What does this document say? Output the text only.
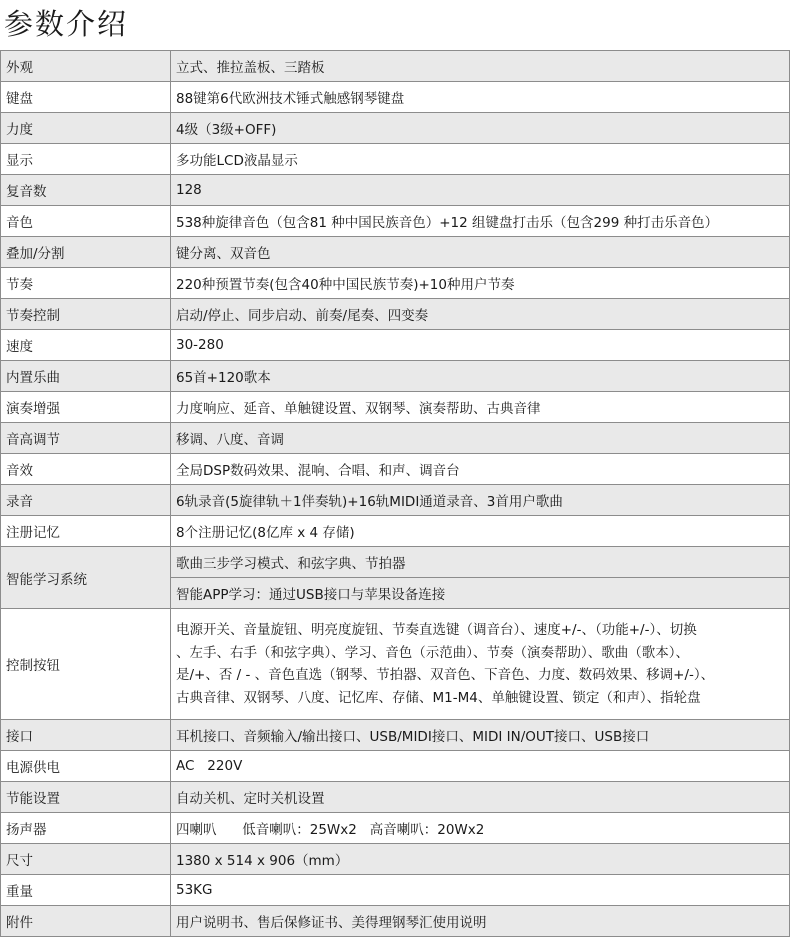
参数介绍
外观	立式、推拉盖板、三踏板
键盘	88键第6代欧洲技术锤式触感钢琴键盘
力度	4级（3级+OFF)
显示	多功能LCD液晶显示
复音数	128
音色	538种旋律音色（包含81 种中国民族音色）+12 组键盘打击乐（包含299 种打击乐音色）
叠加/分割	键分离、双音色
节奏	220种预置节奏(包含40种中国民族节奏)+10种用户节奏
节奏控制	启动/停止、同步启动、前奏/尾奏、四变奏
速度	30-280
内置乐曲	65首+120歌本
演奏增强	力度响应、延音、单触键设置、双钢琴、演奏帮助、古典音律
音高调节	移调、八度、音调
音效	全局DSP数码效果、混响、合唱、和声、调音台
录音	6轨录音(5旋律轨＋1伴奏轨)+16轨MIDI通道录音、3首用户歌曲
注册记忆	8个注册记忆(8亿库 x 4 存储)
智能学习系统	歌曲三步学习模式、和弦字典、节拍器
	智能APP学习：通过USB接口与苹果设备连接
控制按钮	电源开关、音量旋钮、明亮度旋钮、节奏直选键（调音台）、速度+/-、（功能+/-）、切换
、左手、右手（和弦字典）、学习、音色（示范曲）、节奏（演奏帮助）、歌曲（歌本）、
是/+、否 / - 、音色直选（钢琴、节拍器、双音色、下音色、力度、数码效果、移调+/-）、
古典音律、双钢琴、八度、记忆库、存储、M1-M4、单触键设置、锁定（和声）、指轮盘

接口	耳机接口、音频输入/输出接口、USB/MIDI接口、MIDI IN/OUT接口、USB接口
电源供电	AC   220V
节能设置	自动关机、定时关机设置
扬声器	四喇叭      低音喇叭：25Wx2   高音喇叭：20Wx2
尺寸	1380 x 514 x 906（mm）
重量	53KG
附件	用户说明书、售后保修证书、美得理钢琴汇使用说明
